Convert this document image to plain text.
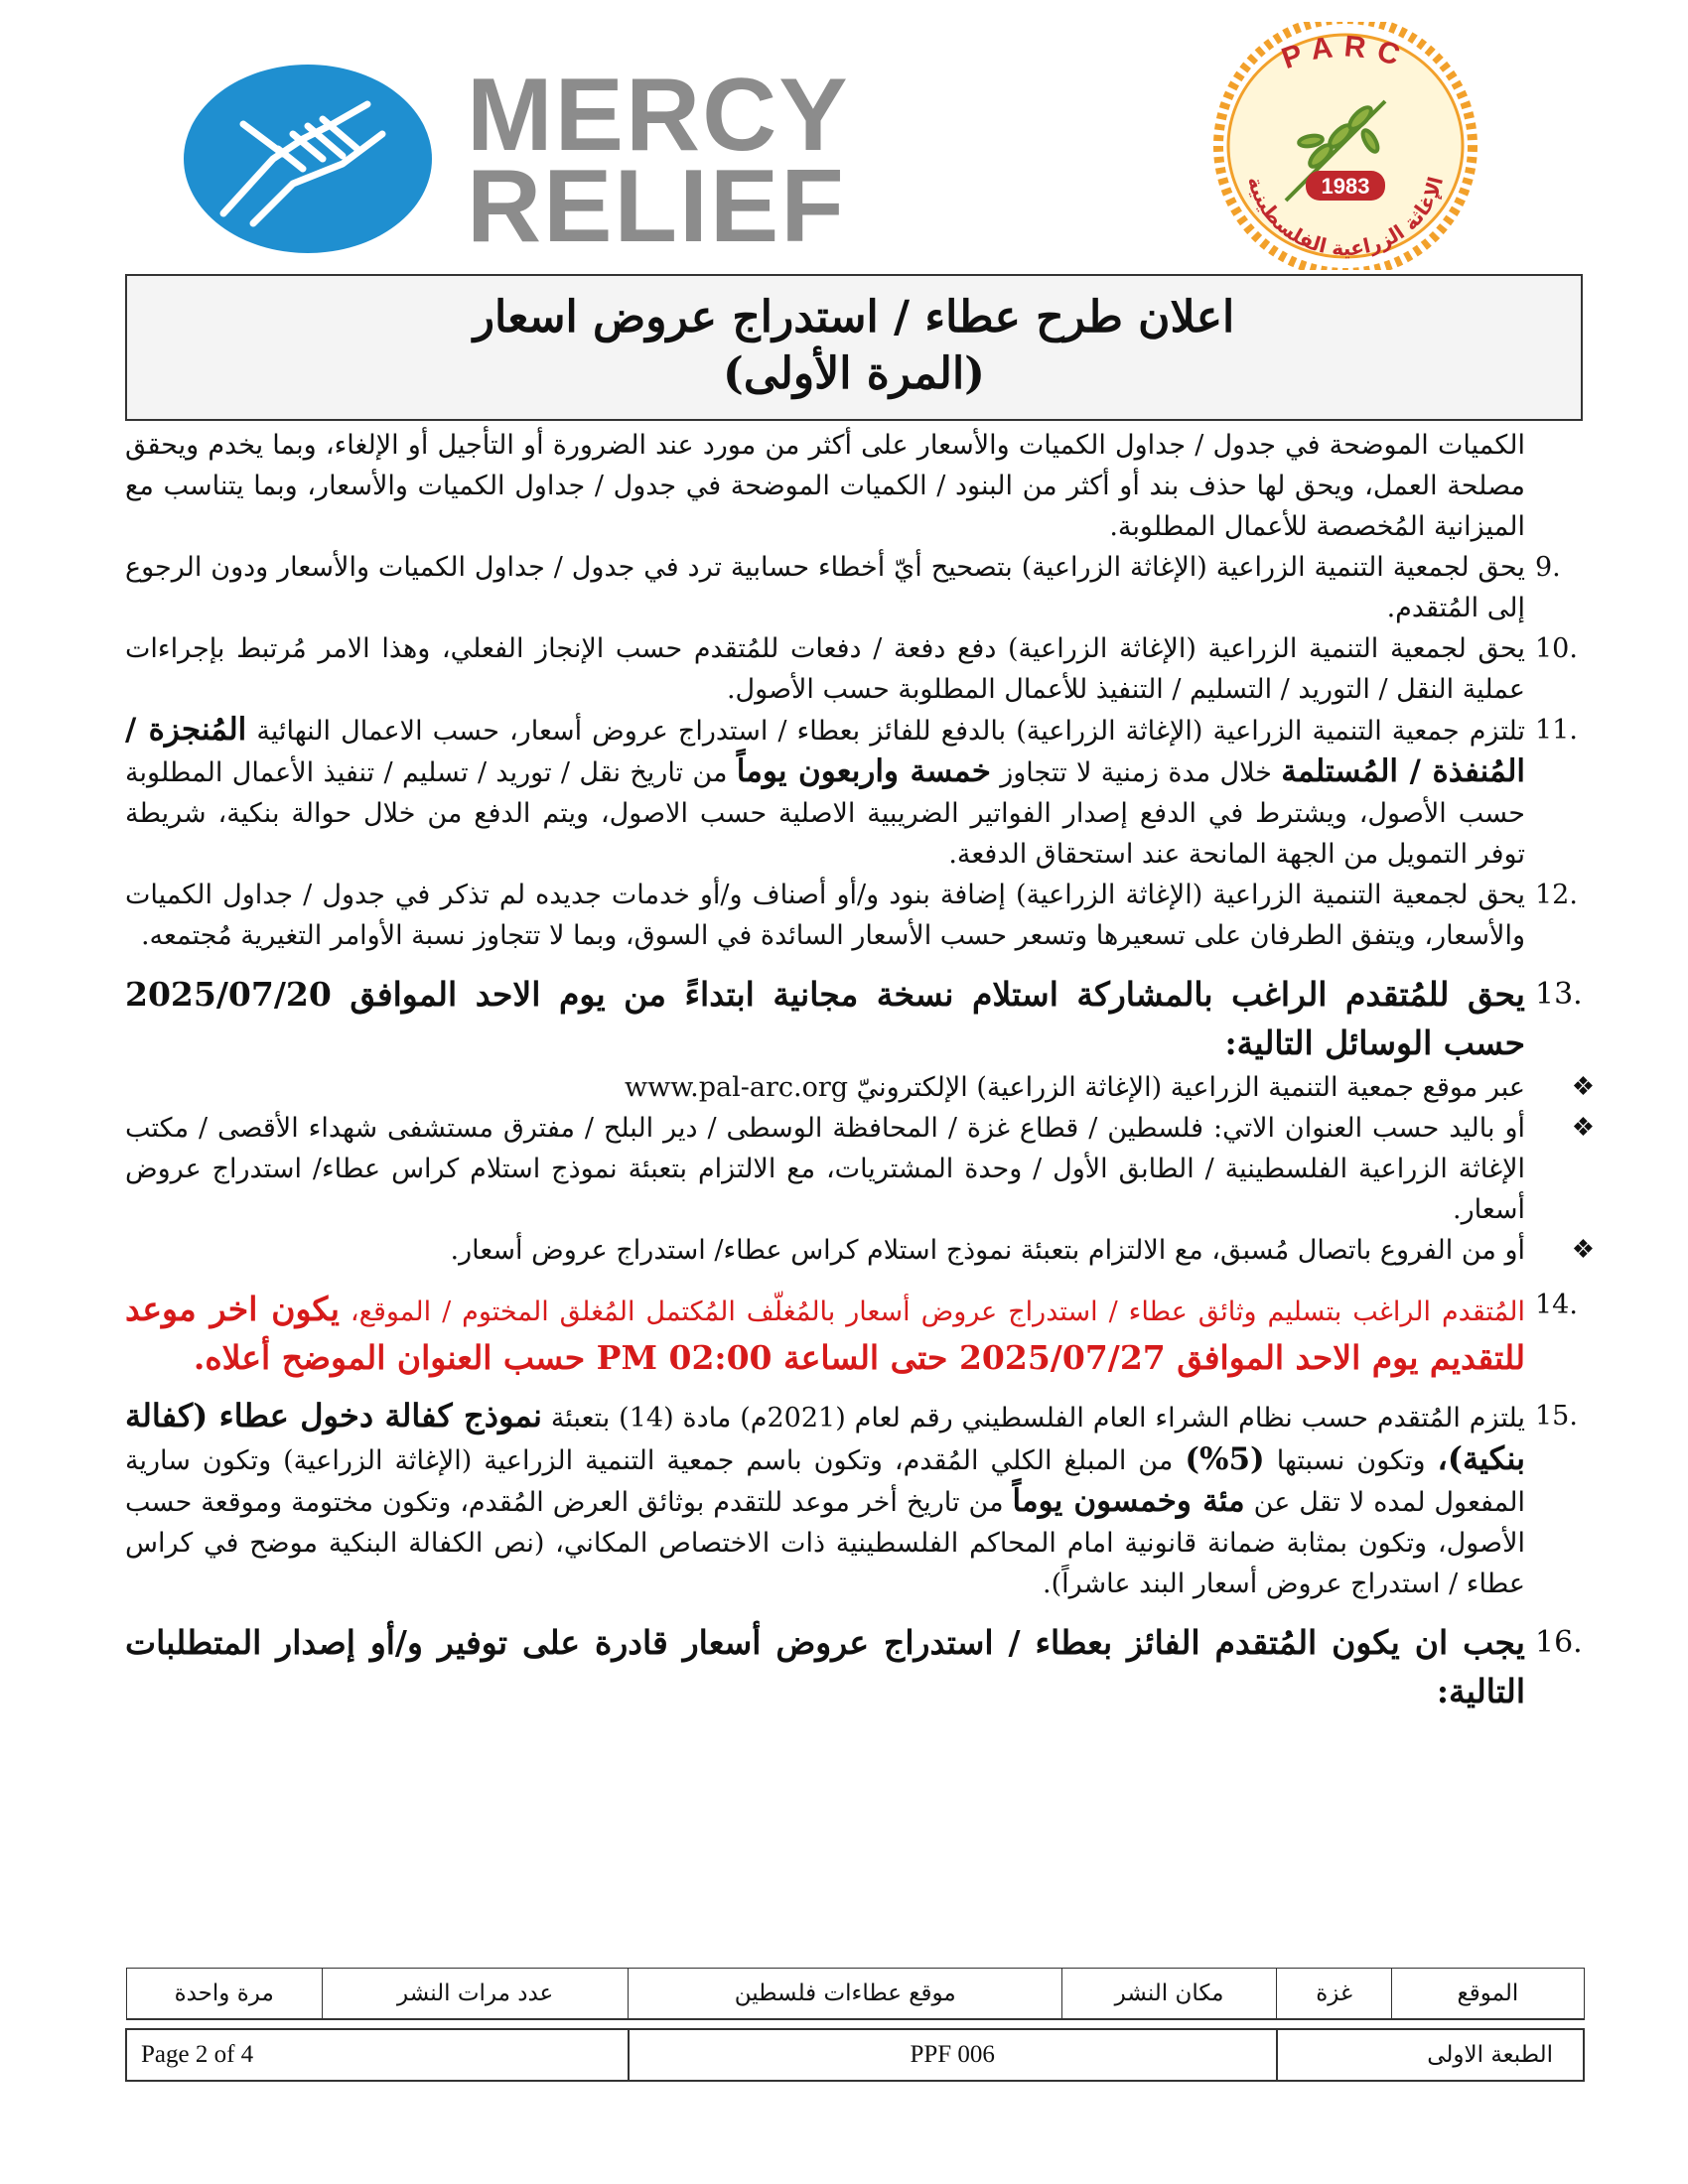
MERCY
RELIEF
PARC
1983
الإغاثة الزراعية الفلسطينية
اعلان طرح عطاء / استدراج عروض اسعار
(المرة الأولى)

الكميات الموضحة في جدول / جداول الكميات والأسعار على أكثر من مورد عند الضرورة أو التأجيل أو الإلغاء، وبما يخدم ويحقق مصلحة العمل، ويحق لها حذف بند أو أكثر من البنود / الكميات الموضحة في جدول / جداول الكميات والأسعار، وبما يتناسب مع الميزانية المُخصصة للأعمال المطلوبة.

9.
يحق لجمعية التنمية الزراعية (الإغاثة الزراعية) بتصحيح أيّ أخطاء حسابية ترد في جدول / جداول الكميات والأسعار ودون الرجوع إلى المُتقدم.
10.
يحق لجمعية التنمية الزراعية (الإغاثة الزراعية) دفع دفعة / دفعات للمُتقدم حسب الإنجاز الفعلي، وهذا الامر مُرتبط بإجراءات عملية النقل / التوريد / التسليم / التنفيذ للأعمال المطلوبة حسب الأصول.
11.
تلتزم جمعية التنمية الزراعية (الإغاثة الزراعية) بالدفع للفائز بعطاء / استدراج عروض أسعار، حسب الاعمال النهائية المُنجزة / المُنفذة / المُستلمة خلال مدة زمنية لا تتجاوز خمسة واربعون يوماً من تاريخ نقل / توريد / تسليم / تنفيذ الأعمال المطلوبة حسب الأصول، ويشترط في الدفع إصدار الفواتير الضريبية الاصلية حسب الاصول، ويتم الدفع من خلال حوالة بنكية، شريطة توفر التمويل من الجهة المانحة عند استحقاق الدفعة.
12.
يحق لجمعية التنمية الزراعية (الإغاثة الزراعية) إضافة بنود و/أو أصناف و/أو خدمات جديده لم تذكر في جدول / جداول الكميات والأسعار، ويتفق الطرفان على تسعيرها وتسعر حسب الأسعار السائدة في السوق، وبما لا تتجاوز نسبة الأوامر التغيرية مُجتمعه.
13.
يحق للمُتقدم الراغب بالمشاركة استلام نسخة مجانية ابتداءً من يوم الاحد الموافق 2025/07/20 حسب الوسائل التالية:
❖
عبر موقع جمعية التنمية الزراعية (الإغاثة الزراعية) الإلكترونيّ www.pal-arc.org
❖
أو باليد حسب العنوان الاتي: فلسطين / قطاع غزة / المحافظة الوسطى / دير البلح / مفترق مستشفى شهداء الأقصى / مكتب الإغاثة الزراعية الفلسطينية / الطابق الأول / وحدة المشتريات، مع الالتزام بتعبئة نموذج استلام كراس عطاء/ استدراج عروض أسعار.
❖
أو من الفروع باتصال مُسبق، مع الالتزام بتعبئة نموذج استلام كراس عطاء/ استدراج عروض أسعار.
14.
المُتقدم الراغب بتسليم وثائق عطاء / استدراج عروض أسعار بالمُغلّف المُكتمل المُغلق المختوم / الموقع، يكون اخر موعد للتقديم يوم الاحد الموافق 2025/07/27 حتى الساعة 02:00 PM حسب العنوان الموضح أعلاه.
15.
يلتزم المُتقدم حسب نظام الشراء العام الفلسطيني رقم لعام (2021م) مادة (14) بتعبئة نموذج كفالة دخول عطاء (كفالة بنكية)، وتكون نسبتها (5%) من المبلغ الكلي المُقدم، وتكون باسم جمعية التنمية الزراعية (الإغاثة الزراعية) وتكون سارية المفعول لمده لا تقل عن مئة وخمسون يوماً من تاريخ أخر موعد للتقدم بوثائق العرض المُقدم، وتكون مختومة وموقعة حسب الأصول، وتكون بمثابة ضمانة قانونية امام المحاكم الفلسطينية ذات الاختصاص المكاني، (نص الكفالة البنكية موضح في كراس عطاء / استدراج عروض أسعار البند عاشراً).
16.
يجب ان يكون المُتقدم الفائز بعطاء / استدراج عروض أسعار قادرة على توفير و/أو إصدار المتطلبات التالية:
الموقع	غزة	مكان النشر	موقع عطاءات فلسطين	عدد مرات النشر	مرة واحدة

الطبعة الاولى		PPF 006		Page 2 of 4	
